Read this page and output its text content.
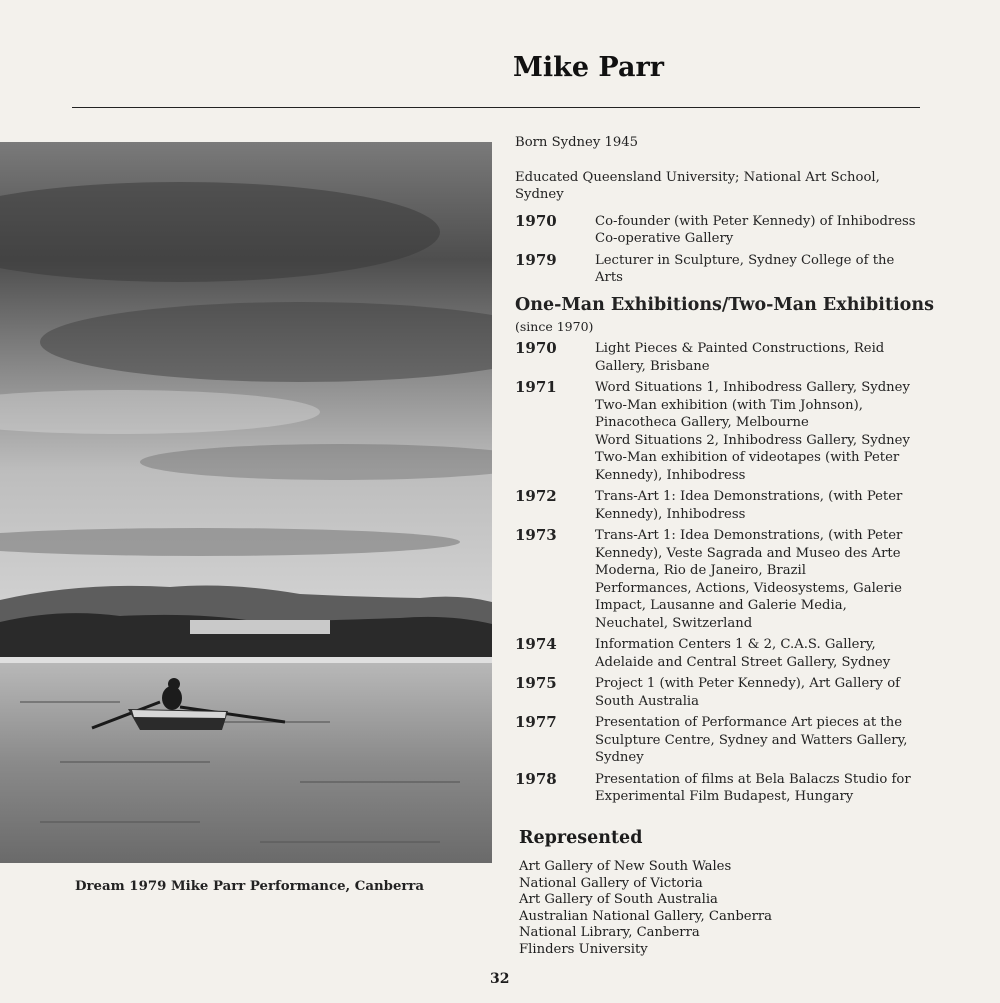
Mike Parr
Dream 1979 Mike Parr Performance, Canberra

Born Sydney 1945

Educated Queensland University; National Art School, Sydney

1970	Co-founder (with Peter Kennedy) of Inhibodress
Co-operative Gallery
1979	Lecturer in Sculpture, Sydney College of the
Arts
One-Man Exhibitions/Two-Man Exhibitions
(since 1970)
1970	Light Pieces & Painted Constructions, Reid
Gallery, Brisbane
1971	Word Situations 1, Inhibodress Gallery, Sydney
Two-Man exhibition (with Tim Johnson),
Pinacotheca Gallery, Melbourne
Word Situations 2, Inhibodress Gallery, Sydney
Two-Man exhibition of videotapes (with Peter
Kennedy), Inhibodress
1972	Trans-Art 1: Idea Demonstrations, (with Peter
Kennedy), Inhibodress
1973	Trans-Art 1: Idea Demonstrations, (with Peter
Kennedy), Veste Sagrada and Museo des Arte
Moderna, Rio de Janeiro, Brazil
Performances, Actions, Videosystems, Galerie
Impact, Lausanne and Galerie Media,
Neuchatel, Switzerland
1974	Information Centers 1 & 2, C.A.S. Gallery,
Adelaide and Central Street Gallery, Sydney
1975	Project 1 (with Peter Kennedy), Art Gallery of
South Australia
1977	Presentation of Performance Art pieces at the
Sculpture Centre, Sydney and Watters Gallery,
Sydney
1978	Presentation of films at Bela Balaczs Studio for
Experimental Film Budapest, Hungary
Represented
Art Gallery of New South Wales
National Gallery of Victoria
Art Gallery of South Australia
Australian National Gallery, Canberra
National Library, Canberra
Flinders University
32
